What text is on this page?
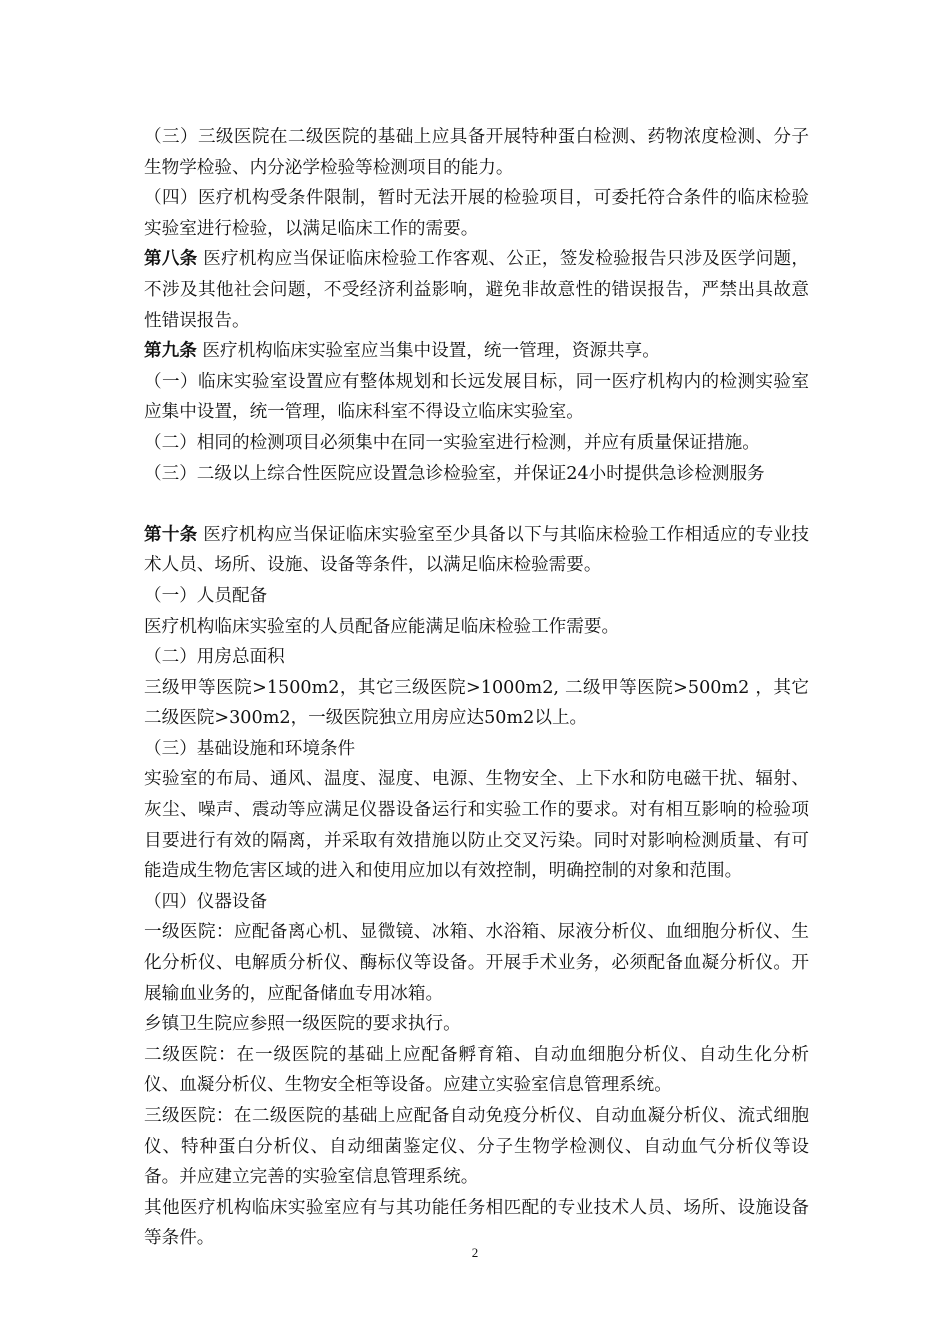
（三）三级医院在二级医院的基础上应具备开展特种蛋白检测、药物浓度检测、分子生物学检验、内分泌学检验等检测项目的能力。

（四）医疗机构受条件限制，暂时无法开展的检验项目，可委托符合条件的临床检验实验室进行检验，以满足临床工作的需要。

第八条 医疗机构应当保证临床检验工作客观、公正，签发检验报告只涉及医学问题，不涉及其他社会问题，不受经济利益影响，避免非故意性的错误报告，严禁出具故意性错误报告。

第九条 医疗机构临床实验室应当集中设置，统一管理，资源共享。

（一）临床实验室设置应有整体规划和长远发展目标，同一医疗机构内的检测实验室应集中设置，统一管理，临床科室不得设立临床实验室。

（二）相同的检测项目必须集中在同一实验室进行检测，并应有质量保证措施。

（三）二级以上综合性医院应设置急诊检验室，并保证24小时提供急诊检测服务

第十条 医疗机构应当保证临床实验室至少具备以下与其临床检验工作相适应的专业技术人员、场所、设施、设备等条件，以满足临床检验需要。

（一）人员配备

医疗机构临床实验室的人员配备应能满足临床检验工作需要。

（二）用房总面积

三级甲等医院>1500m2，其它三级医院>1000m2, 二级甲等医院>500m2 ，其它二级医院>300m2，一级医院独立用房应达50m2以上。

（三）基础设施和环境条件

实验室的布局、通风、温度、湿度、电源、生物安全、上下水和防电磁干扰、辐射、灰尘、噪声、震动等应满足仪器设备运行和实验工作的要求。对有相互影响的检验项目要进行有效的隔离，并采取有效措施以防止交叉污染。同时对影响检测质量、有可能造成生物危害区域的进入和使用应加以有效控制，明确控制的对象和范围。

（四）仪器设备

一级医院：应配备离心机、显微镜、冰箱、水浴箱、尿液分析仪、血细胞分析仪、生化分析仪、电解质分析仪、酶标仪等设备。开展手术业务，必须配备血凝分析仪。开展输血业务的，应配备储血专用冰箱。

乡镇卫生院应参照一级医院的要求执行。

二级医院：在一级医院的基础上应配备孵育箱、自动血细胞分析仪、自动生化分析仪、血凝分析仪、生物安全柜等设备。应建立实验室信息管理系统。

三级医院：在二级医院的基础上应配备自动免疫分析仪、自动血凝分析仪、流式细胞仪、特种蛋白分析仪、自动细菌鉴定仪、分子生物学检测仪、自动血气分析仪等设备。并应建立完善的实验室信息管理系统。

其他医疗机构临床实验室应有与其功能任务相匹配的专业技术人员、场所、设施设备等条件。

2
